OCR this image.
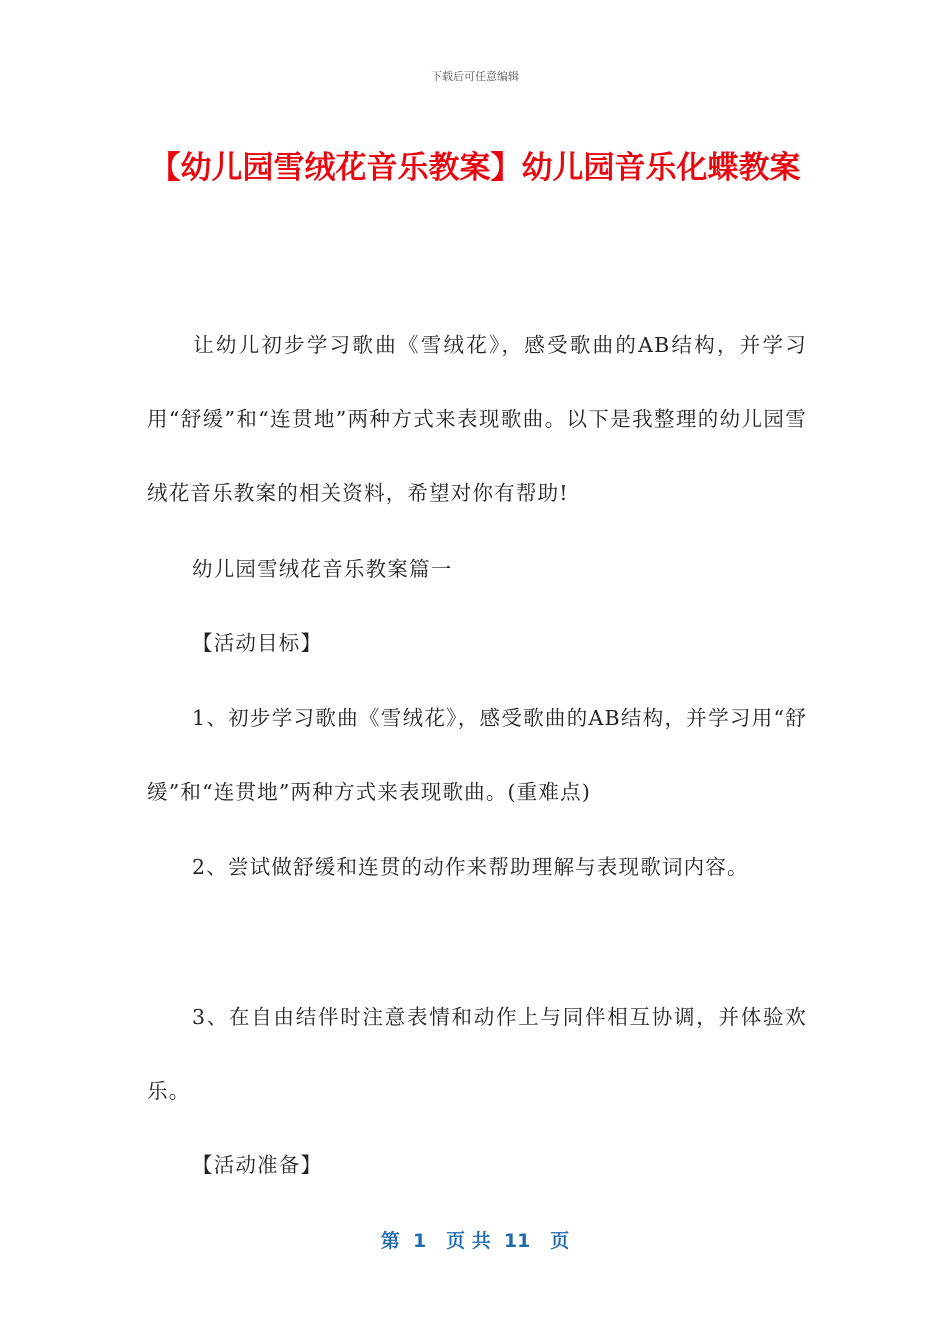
下载后可任意编辑
【幼儿园雪绒花音乐教案】幼儿园音乐化蝶教案

让幼儿初步学习歌曲《雪绒花》，感受歌曲的AB结构，并学习用“舒缓”和“连贯地”两种方式来表现歌曲。以下是我整理的幼儿园雪绒花音乐教案的相关资料，希望对你有帮助!

幼儿园雪绒花音乐教案篇一

【活动目标】

1、初步学习歌曲《雪绒花》，感受歌曲的AB结构，并学习用“舒缓”和“连贯地”两种方式来表现歌曲。(重难点)

2、尝试做舒缓和连贯的动作来帮助理解与表现歌词内容。

3、在自由结伴时注意表情和动作上与同伴相互协调，并体验欢乐。

【活动准备】

第  1   页 共  11   页
